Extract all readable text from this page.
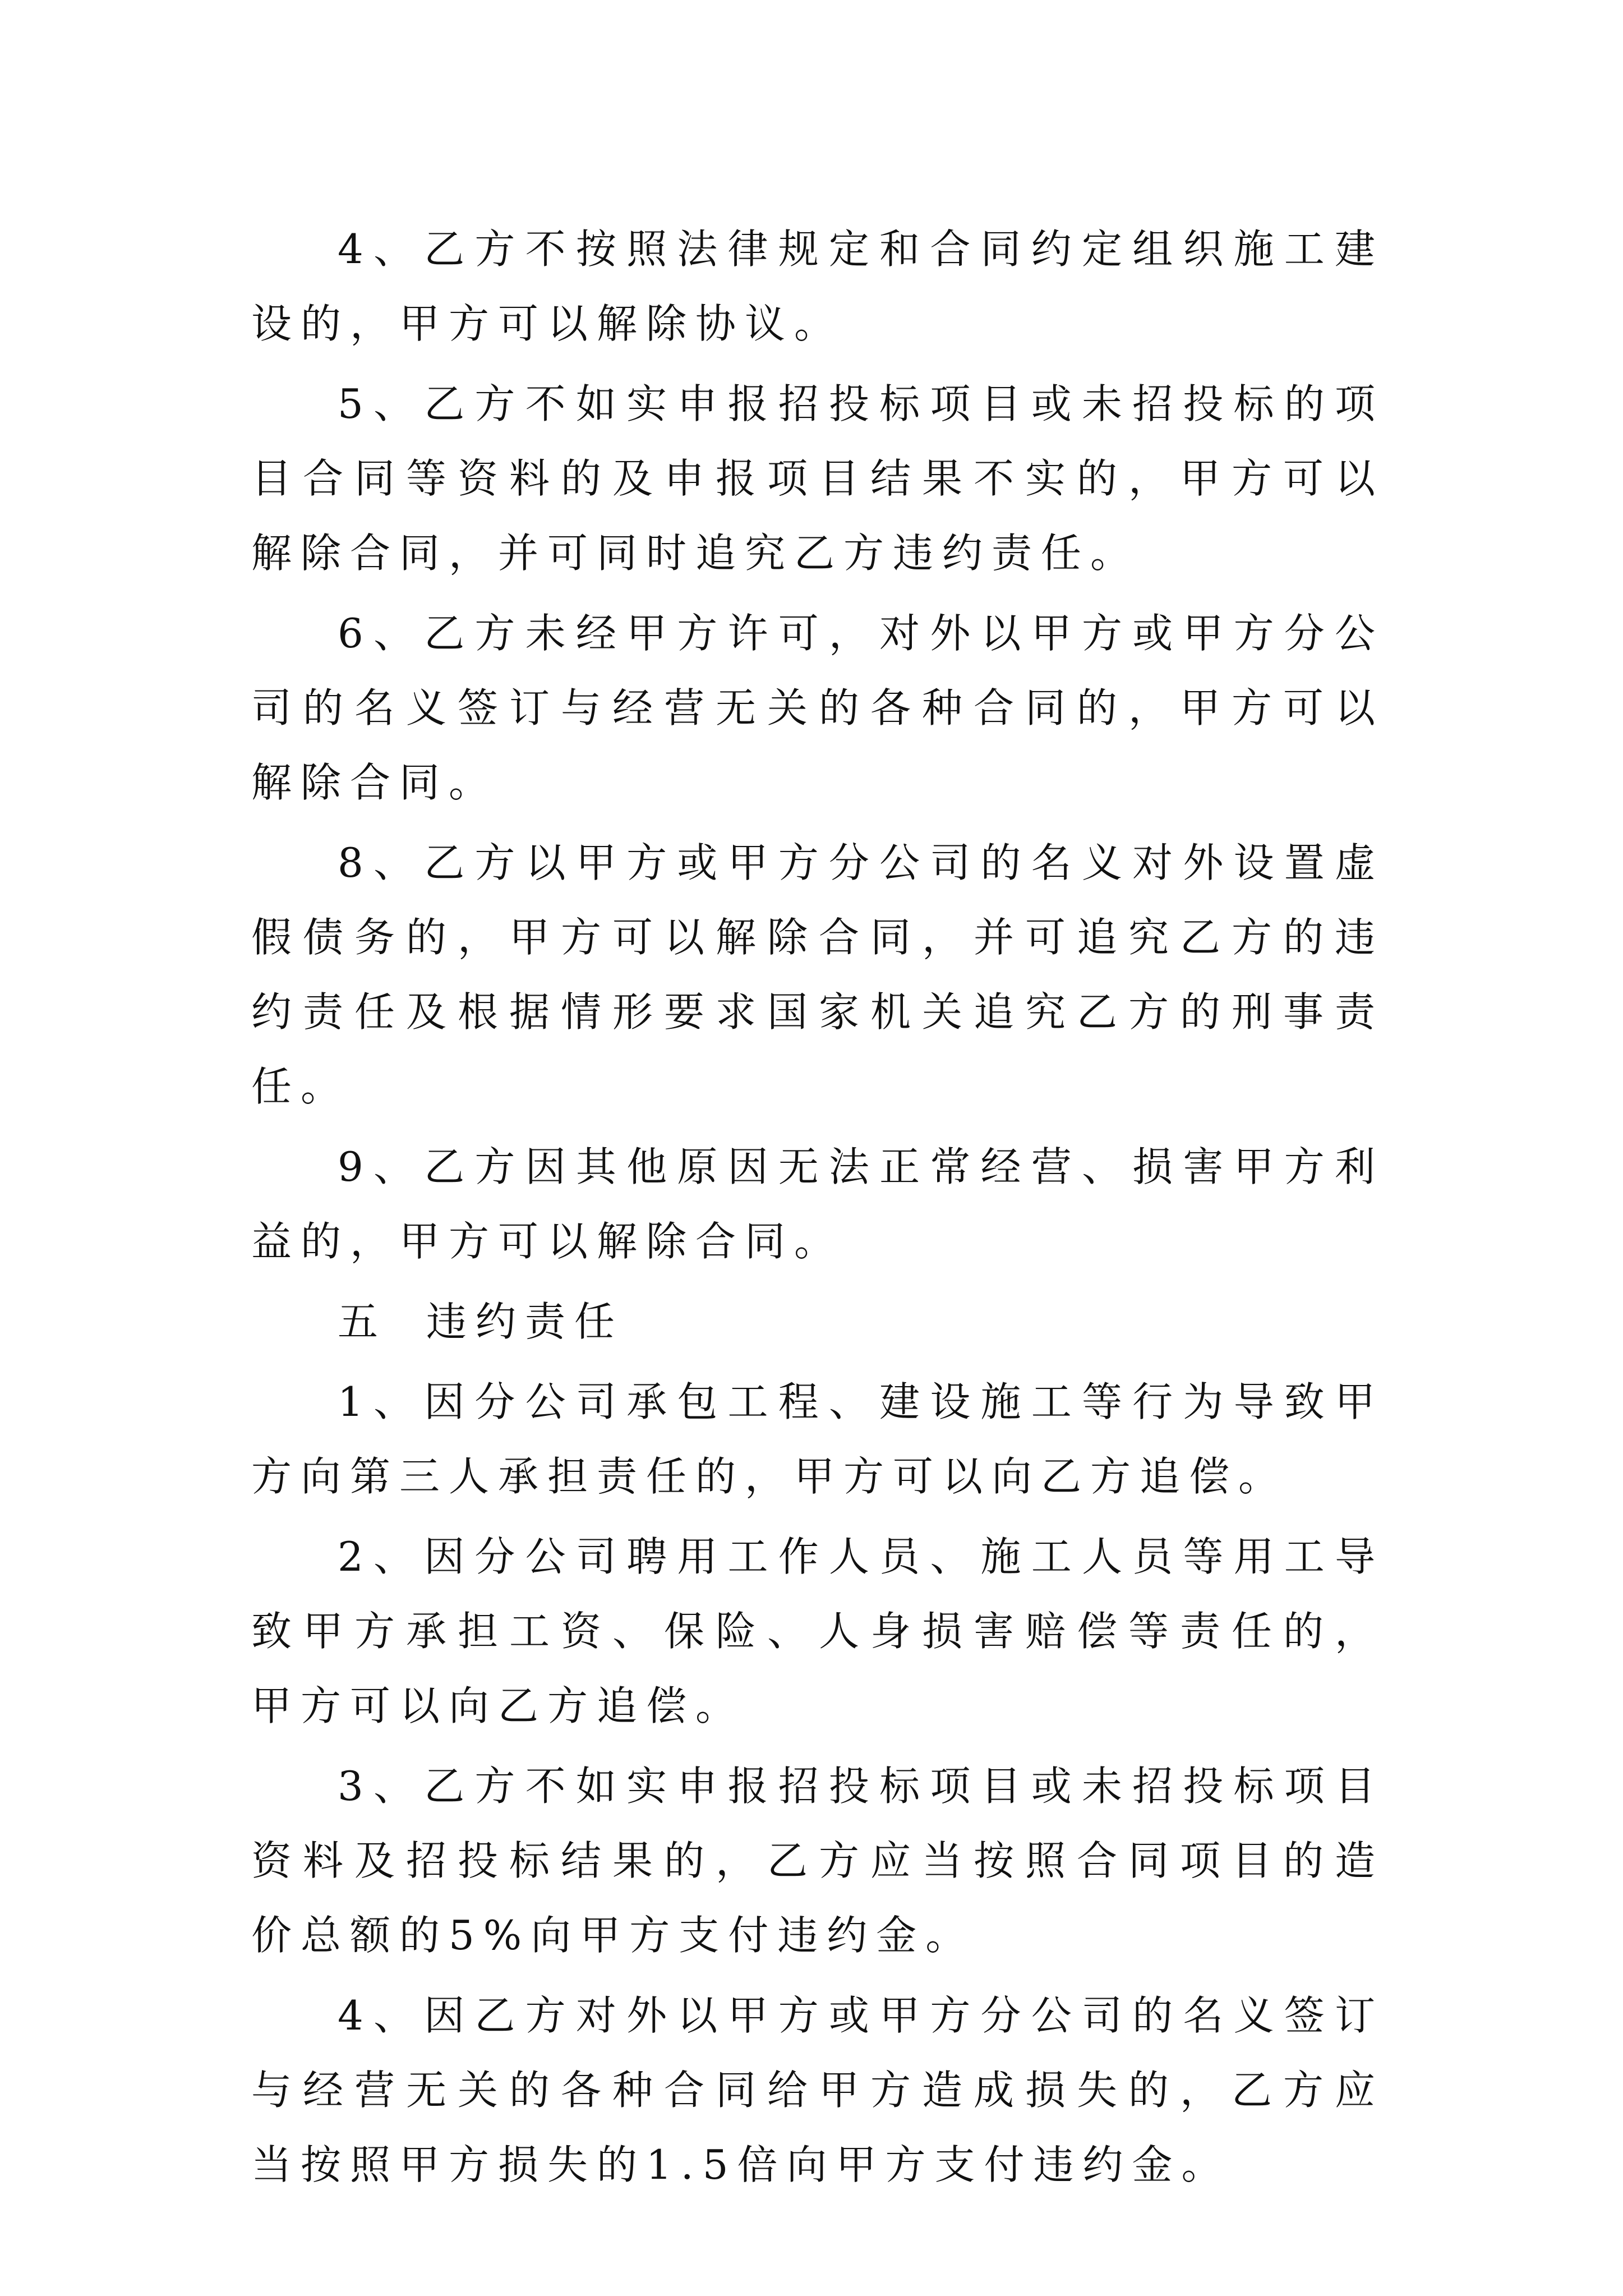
4、乙方不按照法律规定和合同约定组织施工建设的，甲方可以解除协议。

5、乙方不如实申报招投标项目或未招投标的项目合同等资料的及申报项目结果不实的，甲方可以解除合同，并可同时追究乙方违约责任。

6、乙方未经甲方许可，对外以甲方或甲方分公司的名义签订与经营无关的各种合同的，甲方可以解除合同。

8、乙方以甲方或甲方分公司的名义对外设置虚假债务的，甲方可以解除合同，并可追究乙方的违约责任及根据情形要求国家机关追究乙方的刑事责任。

9、乙方因其他原因无法正常经营、损害甲方利益的，甲方可以解除合同。

五 违约责任

1、因分公司承包工程、建设施工等行为导致甲方向第三人承担责任的，甲方可以向乙方追偿。

2、因分公司聘用工作人员、施工人员等用工导致甲方承担工资、保险、人身损害赔偿等责任的，甲方可以向乙方追偿。

3、乙方不如实申报招投标项目或未招投标项目资料及招投标结果的，乙方应当按照合同项目的造价总额的5%向甲方支付违约金。

4、因乙方对外以甲方或甲方分公司的名义签订与经营无关的各种合同给甲方造成损失的，乙方应当按照甲方损失的1.5倍向甲方支付违约金。
